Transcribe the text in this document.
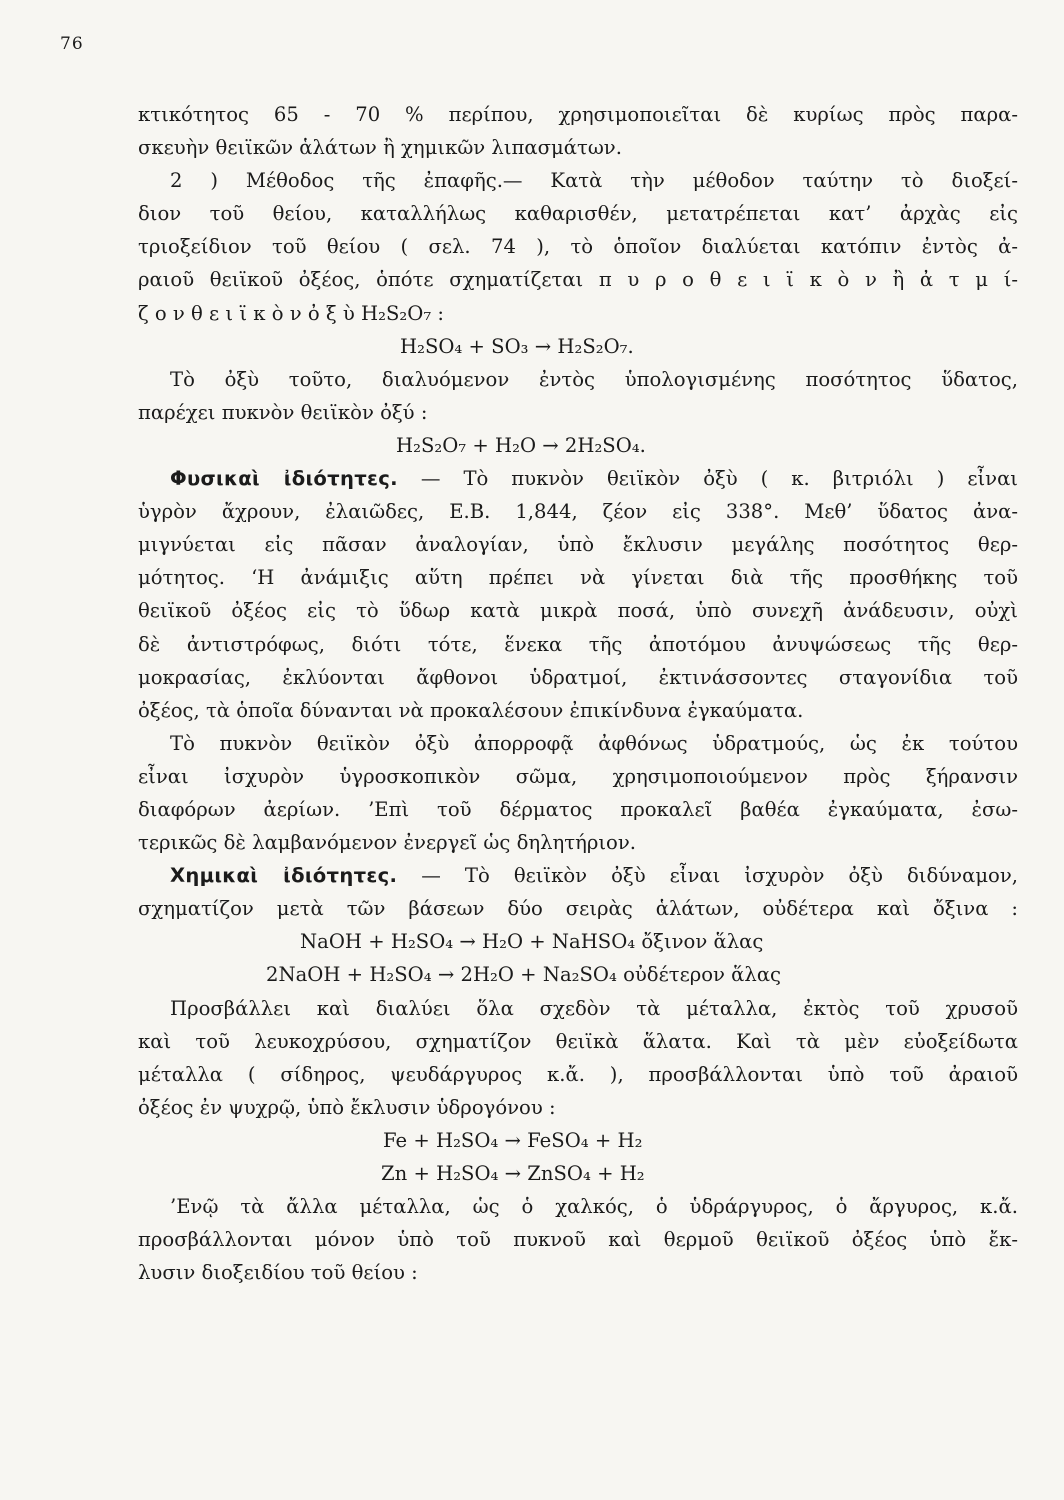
76
κτικότητος 65 - 70 % περίπου, χρησιμοποιεῖται δὲ κυρίως πρὸς παρα-
σκευὴν θειϊκῶν ἁλάτων ἢ χημικῶν λιπασμάτων.
2 ) Μέθοδος τῆς ἐπαφῆς.— Κατὰ τὴν μέθοδον ταύτην τὸ διοξεί-
διον τοῦ θείου, καταλλήλως καθαρισθέν, μετατρέπεται κατ’ ἀρχὰς εἰς
τριοξείδιον τοῦ θείου ( σελ. 74 ), τὸ ὁποῖον διαλύεται κατόπιν ἐντὸς ἀ-
ραιοῦ θειϊκοῦ ὀξέος, ὁπότε σχηματίζεται π υ ρ ο θ ε ι ϊ κ ὸ ν ἢ ἀ τ μ ί-
ζ ο ν θ ε ι ϊ κ ὸ ν ὀ ξ ὺ H₂S₂O₇ :
H₂SO₄ + SO₃ → H₂S₂O₇.
Τὸ ὀξὺ τοῦτο, διαλυόμενον ἐντὸς ὑπολογισμένης ποσότητος ὕδατος,
παρέχει πυκνὸν θειϊκὸν ὀξύ :
H₂S₂O₇ + H₂O → 2H₂SO₄.
Φυσικαὶ ἰδιότητες. — Τὸ πυκνὸν θειϊκὸν ὀξὺ ( κ. βιτριόλι ) εἶναι
ὑγρὸν ἄχρουν, ἐλαιῶδες, Ε.Β. 1,844, ζέον εἰς 338°. Μεθ’ ὕδατος ἀνα-
μιγνύεται εἰς πᾶσαν ἀναλογίαν, ὑπὸ ἔκλυσιν μεγάλης ποσότητος θερ-
μότητος. ‘Η ἀνάμιξις αὕτη πρέπει νὰ γίνεται διὰ τῆς προσθήκης τοῦ
θειϊκοῦ ὀξέος εἰς τὸ ὕδωρ κατὰ μικρὰ ποσά, ὑπὸ συνεχῆ ἀνάδευσιν, οὐχὶ
δὲ ἀντιστρόφως, διότι τότε, ἕνεκα τῆς ἀποτόμου ἀνυψώσεως τῆς θερ-
μοκρασίας, ἐκλύονται ἄφθονοι ὑδρατμοί, ἐκτινάσσοντες σταγονίδια τοῦ
ὀξέος, τὰ ὁποῖα δύνανται νὰ προκαλέσουν ἐπικίνδυνα ἐγκαύματα.
Τὸ πυκνὸν θειϊκὸν ὀξὺ ἀπορροφᾷ ἀφθόνως ὑδρατμούς, ὡς ἐκ τούτου
εἶναι ἰσχυρὸν ὑγροσκοπικὸν σῶμα, χρησιμοποιούμενον πρὸς ξήρανσιν
διαφόρων ἀερίων. ’Επὶ τοῦ δέρματος προκαλεῖ βαθέα ἐγκαύματα, ἐσω-
τερικῶς δὲ λαμβανόμενον ἐνεργεῖ ὡς δηλητήριον.
Χημικαὶ ἰδιότητες. — Τὸ θειϊκὸν ὀξὺ εἶναι ἰσχυρὸν ὀξὺ διδύναμον,
σχηματίζον μετὰ τῶν βάσεων δύο σειρὰς ἁλάτων, οὐδέτερα καὶ ὄξινα :
NaOH + H₂SO₄ → H₂O + NaHSO₄ ὄξινον ἅλας
2NaOH + H₂SO₄ → 2H₂O + Na₂SO₄ οὐδέτερον ἅλας
Προσβάλλει καὶ διαλύει ὅλα σχεδὸν τὰ μέταλλα, ἐκτὸς τοῦ χρυσοῦ
καὶ τοῦ λευκοχρύσου, σχηματίζον θειϊκὰ ἅλατα. Καὶ τὰ μὲν εὐοξείδωτα
μέταλλα ( σίδηρος, ψευδάργυρος κ.ἄ. ), προσβάλλονται ὑπὸ τοῦ ἀραιοῦ
ὀξέος ἐν ψυχρῷ, ὑπὸ ἔκλυσιν ὑδρογόνου :
Fe + H₂SO₄ → FeSO₄ + H₂
Zn + H₂SO₄ → ZnSO₄ + H₂
’Ενῷ τὰ ἄλλα μέταλλα, ὡς ὁ χαλκός, ὁ ὑδράργυρος, ὁ ἄργυρος, κ.ἄ.
προσβάλλονται μόνον ὑπὸ τοῦ πυκνοῦ καὶ θερμοῦ θειϊκοῦ ὀξέος ὑπὸ ἔκ-
λυσιν διοξειδίου τοῦ θείου :
